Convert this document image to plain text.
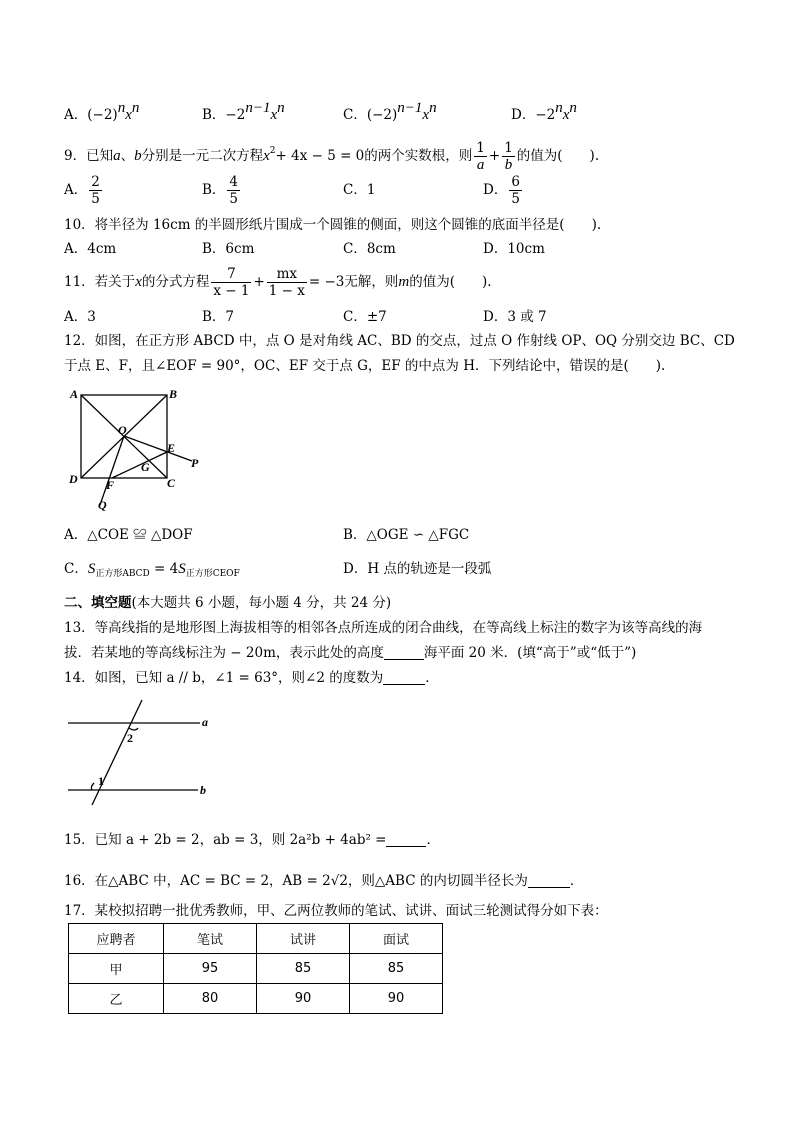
A．$(-2)^nx^n$	B．$-2^{n-1}x^n$	C．$(-2)^{n-1}x^n$	D．$-2^nx^n$
9．已知a、b分别是一元二次方程$x^2+ 4x - 5 = 0$的两个实数根，则 $\frac{1}{a} + \frac{1}{b}$ 的值为(　　).
A． $\frac{2}{5}$	B． $\frac{4}{5}$	C．1	D． $\frac{6}{5}$
10．将半径为 16cm 的半圆形纸片围成一个圆锥的侧面，则这个圆锥的底面半径是(　　).
A．4cm	B．6cm	C．8cm	D．10cm
11．若关于x的分式方程 $\frac{7}{x - 1} + \frac{mx}{1 - x} = -3$无解，则m的值为(　　).
A．3	B．7	C．±7	D．3 或 7
12．如图，在正方形 ABCD 中，点 O 是对角线 AC、BD 的交点，过点 O 作射线 OP、OQ 分别交边 BC、CD
于点 E、F，且∠EOF = 90°，OC、EF 交于点 G，EF 的中点为 H．下列结论中，错误的是(　　).
A	B
C
D
O
E
F
G	P
Q
A．△COE ≌ △DOF	B．△OGE ∽ △FGC
C．$S_{正方形ABCD} = 4S_{正方形CEOF}$	D．H 点的轨迹是一段弧
二、填空题(本大题共 6 小题，每小题 4 分，共 24 分)
13．等高线指的是地形图上海拔相等的相邻各点所连成的闭合曲线，在等高线上标注的数字为该等高线的海
拔．若某地的等高线标注为 − 20m，表示此处的高度	海平面 20 米．(填“高于”或“低于”)
14．如图，已知 a // b，∠1 = 63°，则∠2 的度数为	．
a
b
1
2
15．已知 a + 2b = 2，ab = 3，则 2a²b + 4ab² =	．
16．在△ABC 中，AC = BC = 2，AB = 2√2，则△ABC 的内切圆半径长为	．
17．某校拟招聘一批优秀教师，甲、乙两位教师的笔试、试讲、面试三轮测试得分如下表：
应聘者	笔试	试讲	面试
甲	95	85	85
乙	80	90	90
